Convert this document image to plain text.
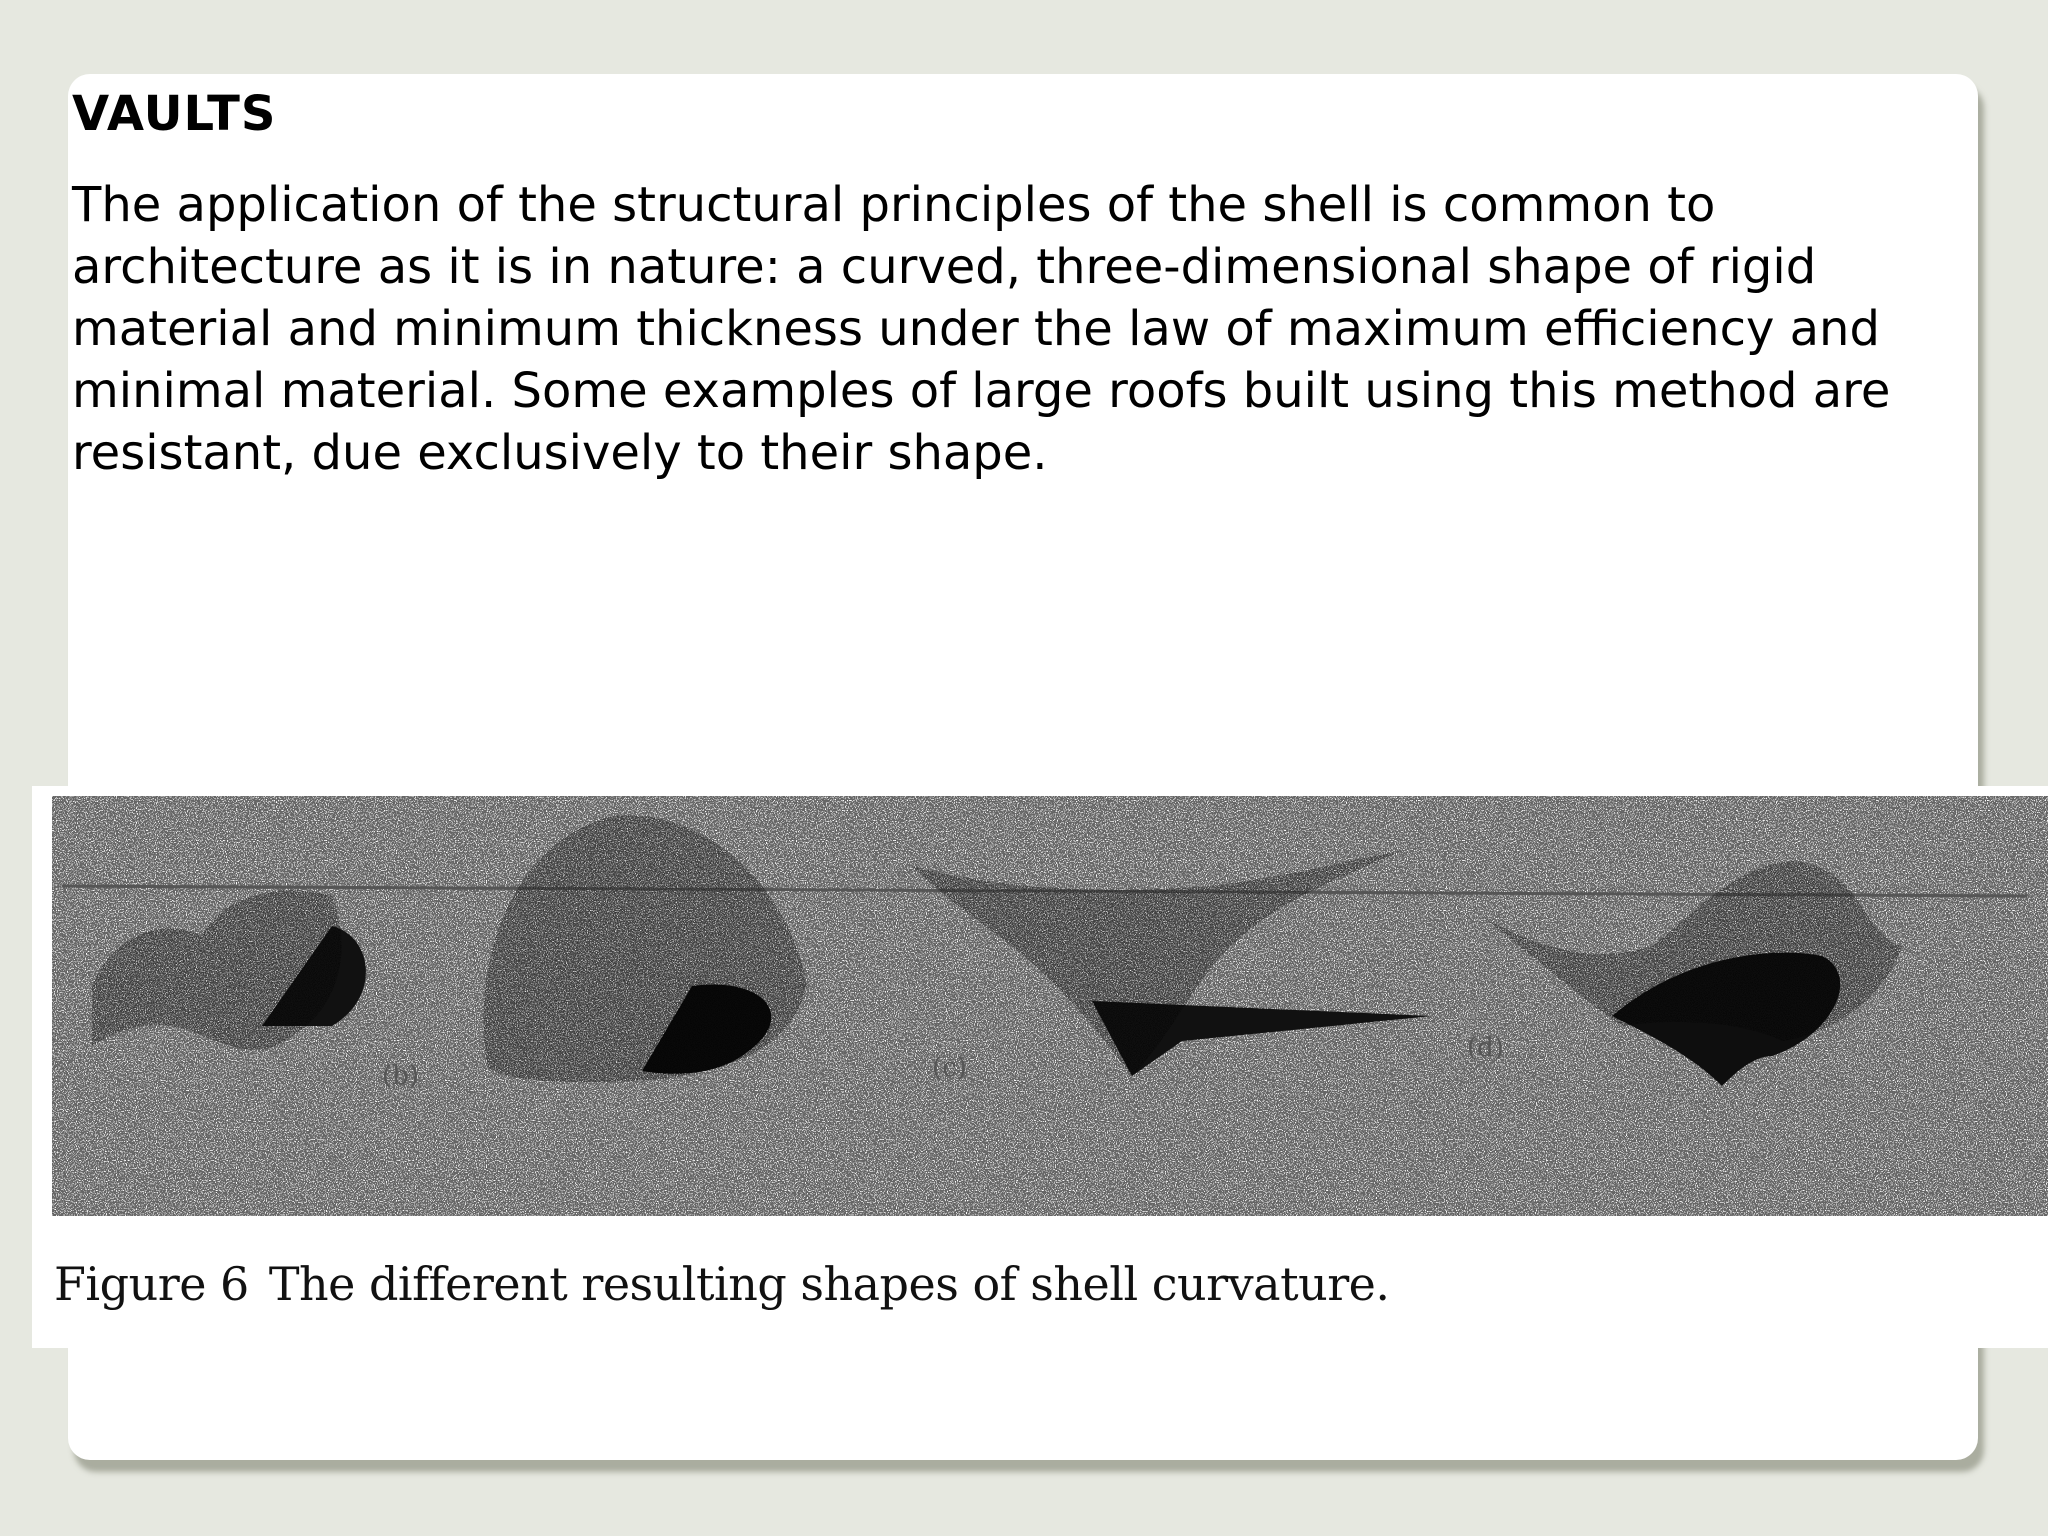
VAULTS

The application of the structural principles of the shell is common to architecture as it is in nature: a curved, three-dimensional shape of rigid material and minimum thickness under the law of maximum efficiency and minimal material. Some examples of large roofs built using this method are resistant, due exclusively to their shape.

(b)	(c)
(d)

Figure 6 The different resulting shapes of shell curvature.
